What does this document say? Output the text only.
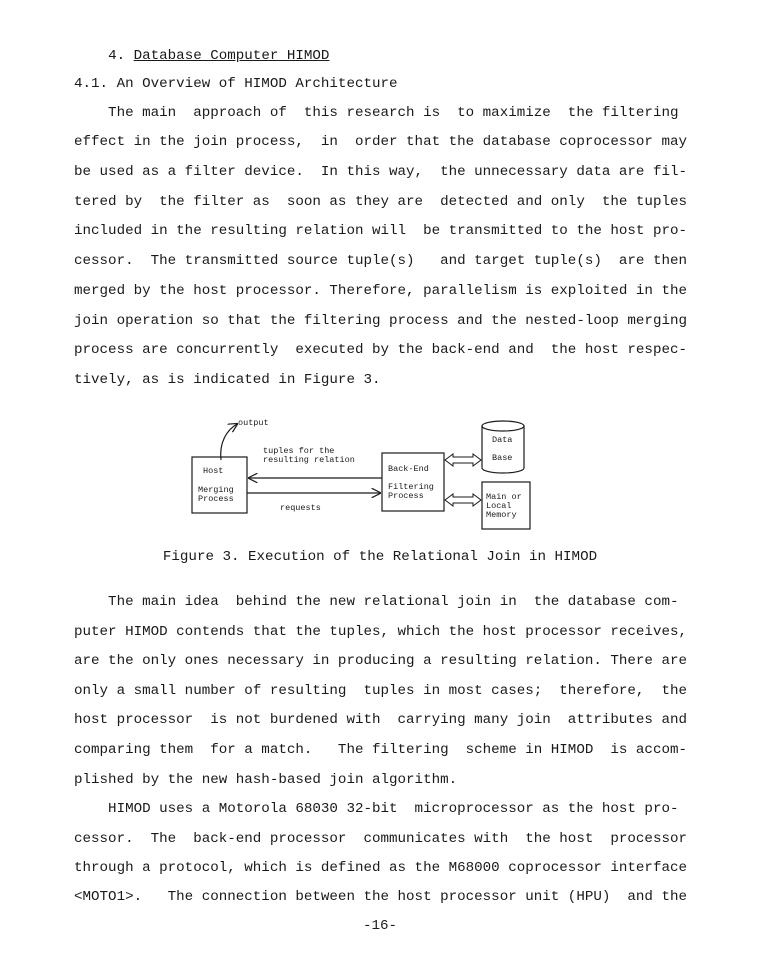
4. Database Computer HIMOD

4.1. An Overview of HIMOD Architecture
The main  approach of  this research is  to maximize  the filtering
effect in the join process,  in  order that the database coprocessor may
be used as a filter device.  In this way,  the unnecessary data are fil-
tered by  the filter as  soon as they are  detected and only  the tuples
included in the resulting relation will  be transmitted to the host pro-
cessor.  The transmitted source tuple(s)   and target tuple(s)  are then
merged by the host processor. Therefore, parallelism is exploited in the
join operation so that the filtering process and the nested-loop merging
process are concurrently  executed by the back-end and  the host respec-
tively, as is indicated in Figure 3.
output
Host
Merging
Process
tuples for the
resulting relation
requests
Back-End
Filtering
Process
Data
Base
Main or
Local
Memory
Figure 3. Execution of the Relational Join in HIMOD
The main idea  behind the new relational join in  the database com-
puter HIMOD contends that the tuples, which the host processor receives,
are the only ones necessary in producing a resulting relation. There are
only a small number of resulting  tuples in most cases;  therefore,  the
host processor  is not burdened with  carrying many join  attributes and
comparing them  for a match.   The filtering  scheme in HIMOD  is accom-
plished by the new hash-based join algorithm.
HIMOD uses a Motorola 68030 32-bit  microprocessor as the host pro-
cessor.  The  back-end processor  communicates with  the host  processor
through a protocol, which is defined as the M68000 coprocessor interface
<MOTO1>.   The connection between the host processor unit (HPU)  and the
-16-
